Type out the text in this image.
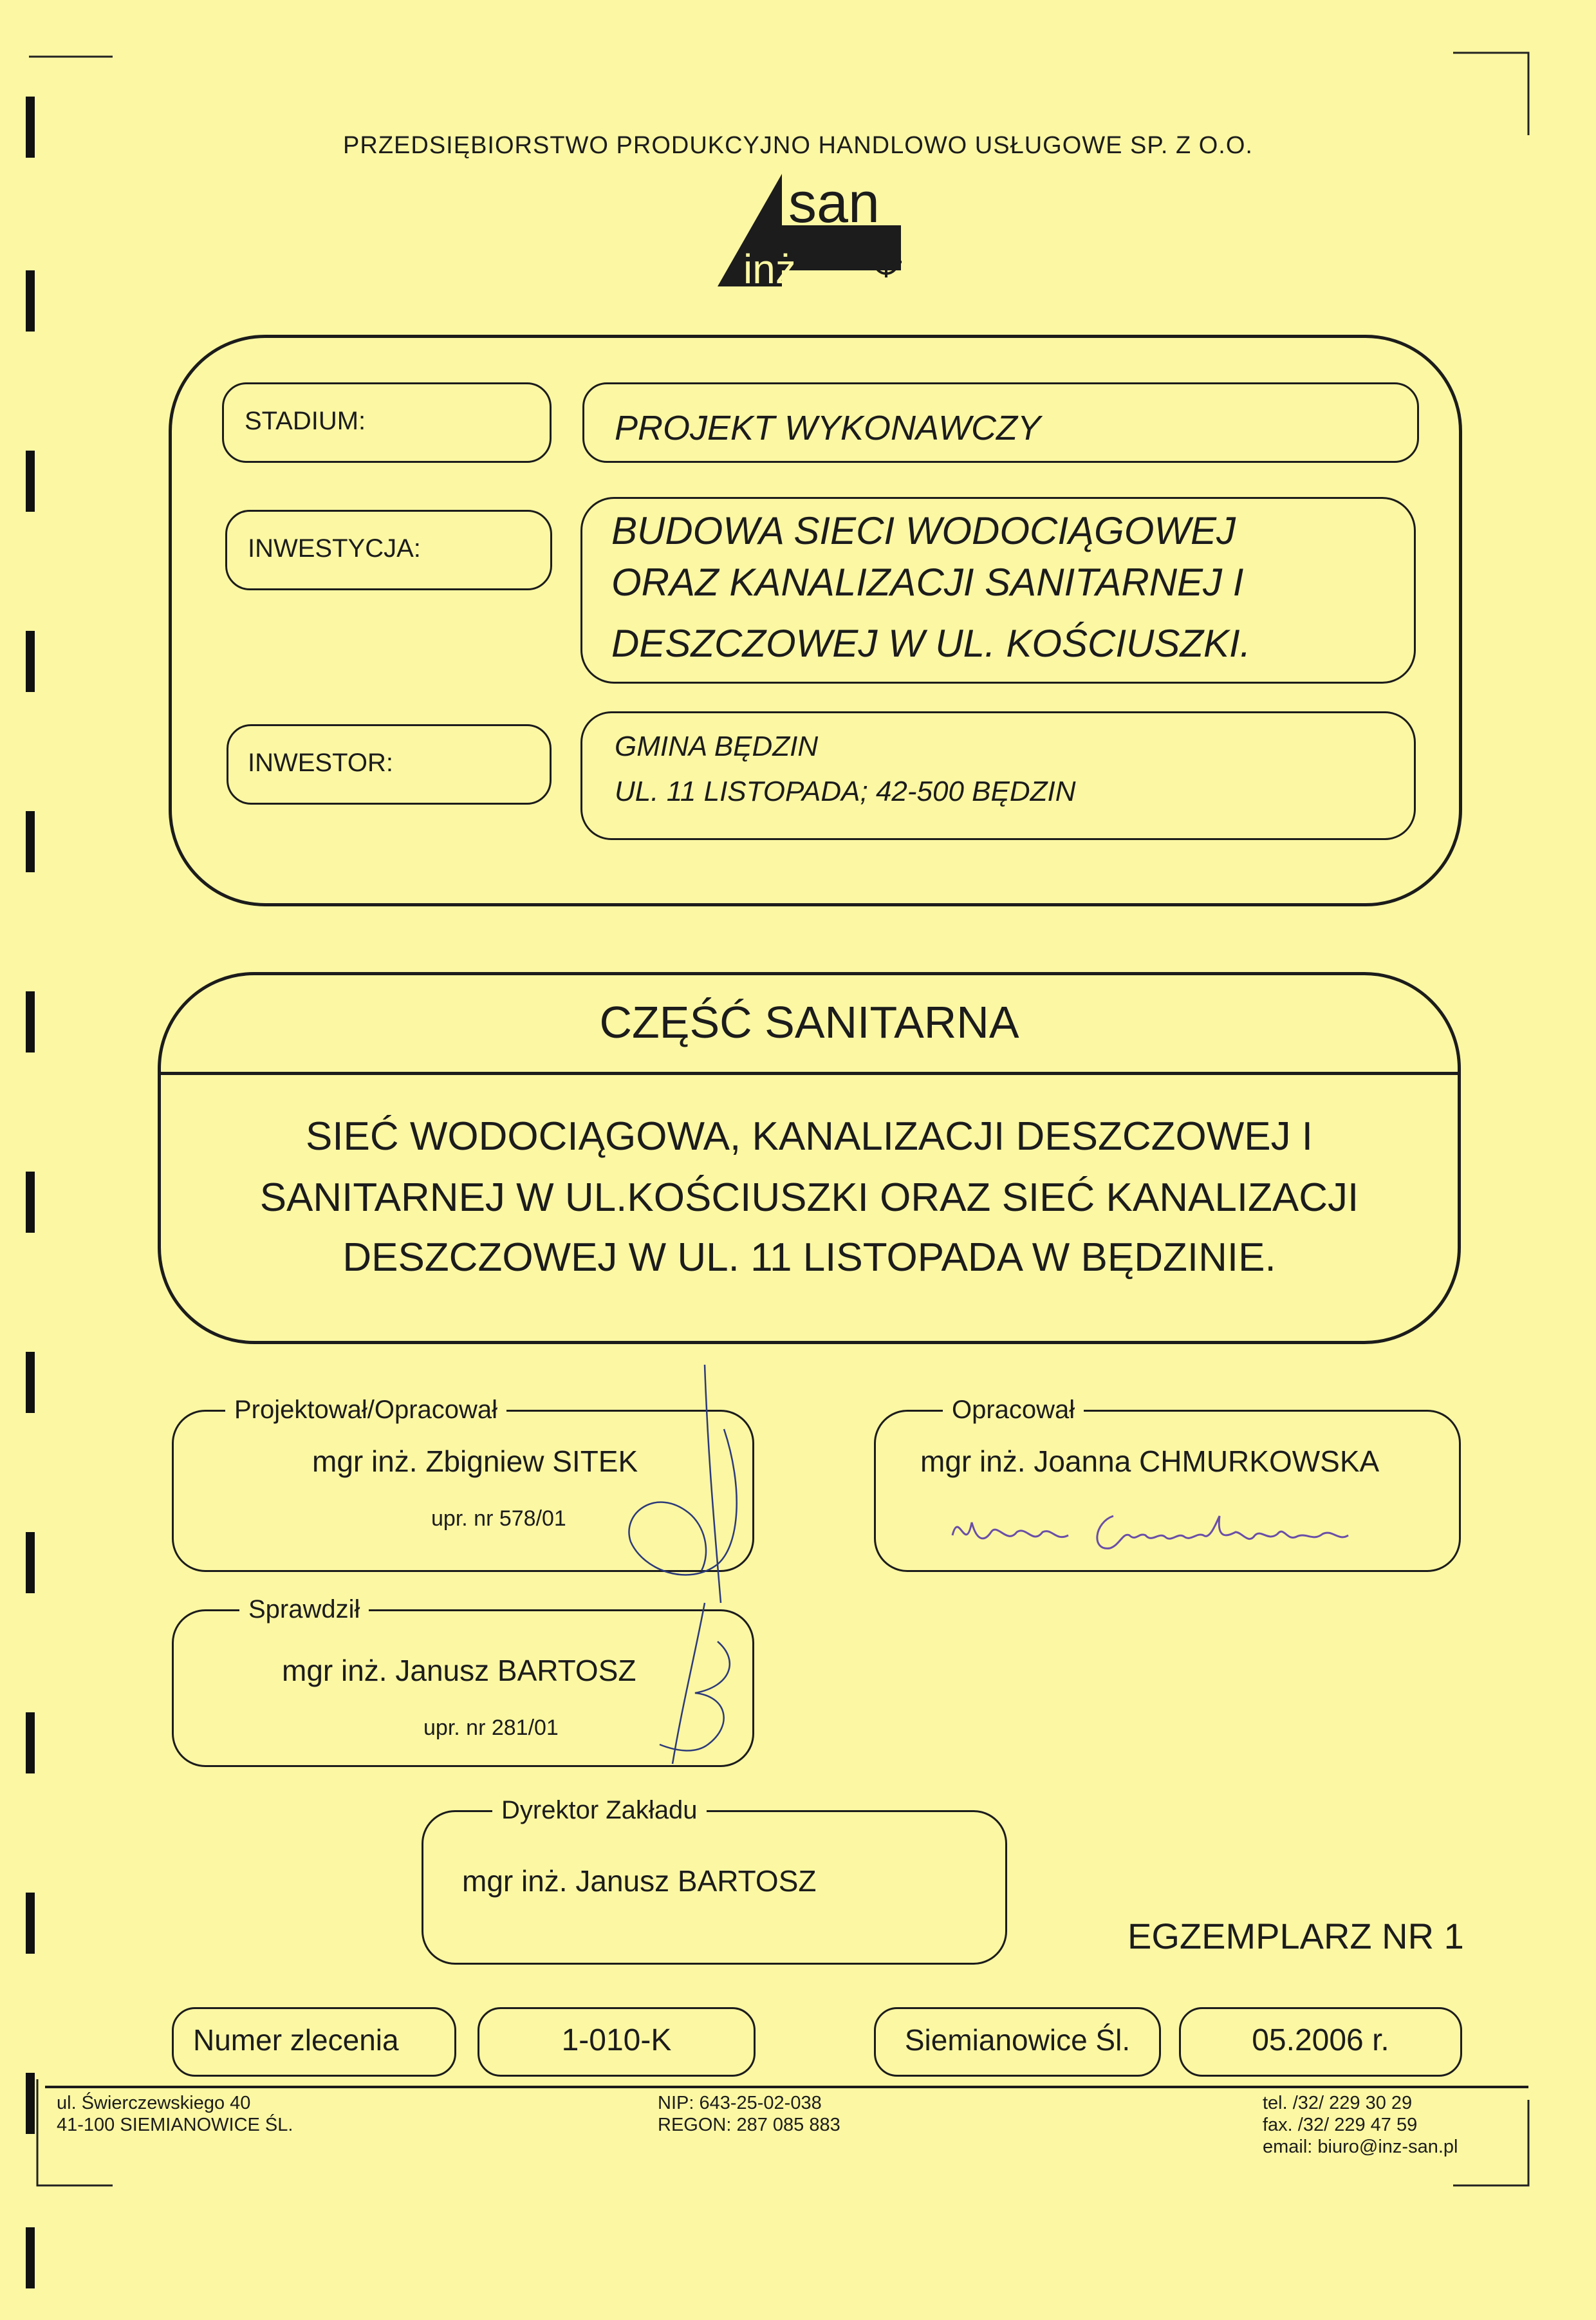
PRZEDSIĘBIORSTWO PRODUKCYJNO HANDLOWO USŁUGOWE SP. Z O.O.
san
inż
STADIUM:	PROJEKT WYKONAWCZY
INWESTYCJA:	BUDOWA SIECI WODOCIĄGOWEJ
ORAZ KANALIZACJI SANITARNEJ I
DESZCZOWEJ W UL. KOŚCIUSZKI.
INWESTOR:
GMINA BĘDZIN
UL. 11 LISTOPADA; 42-500 BĘDZIN
CZĘŚĆ SANITARNA
SIEĆ WODOCIĄGOWA, KANALIZACJI DESZCZOWEJ I
SANITARNEJ W UL.KOŚCIUSZKI ORAZ SIEĆ KANALIZACJI
DESZCZOWEJ W UL. 11 LISTOPADA W BĘDZINIE.
Projektował/Opracował
mgr inż. Zbigniew SITEK
upr. nr 578/01
Opracował
mgr inż. Joanna CHMURKOWSKA
Sprawdził
mgr inż. Janusz BARTOSZ
upr. nr 281/01
Dyrektor Zakładu
mgr inż. Janusz BARTOSZ
EGZEMPLARZ NR 1
Numer zlecenia	1-010-K	Siemianowice Śl.	05.2006 r.
ul. Świerczewskiego 40
41-100 SIEMIANOWICE ŚL.
NIP: 643-25-02-038
REGON: 287 085 883
tel. /32/ 229 30 29
fax. /32/ 229 47 59
email: biuro@inz-san.pl
